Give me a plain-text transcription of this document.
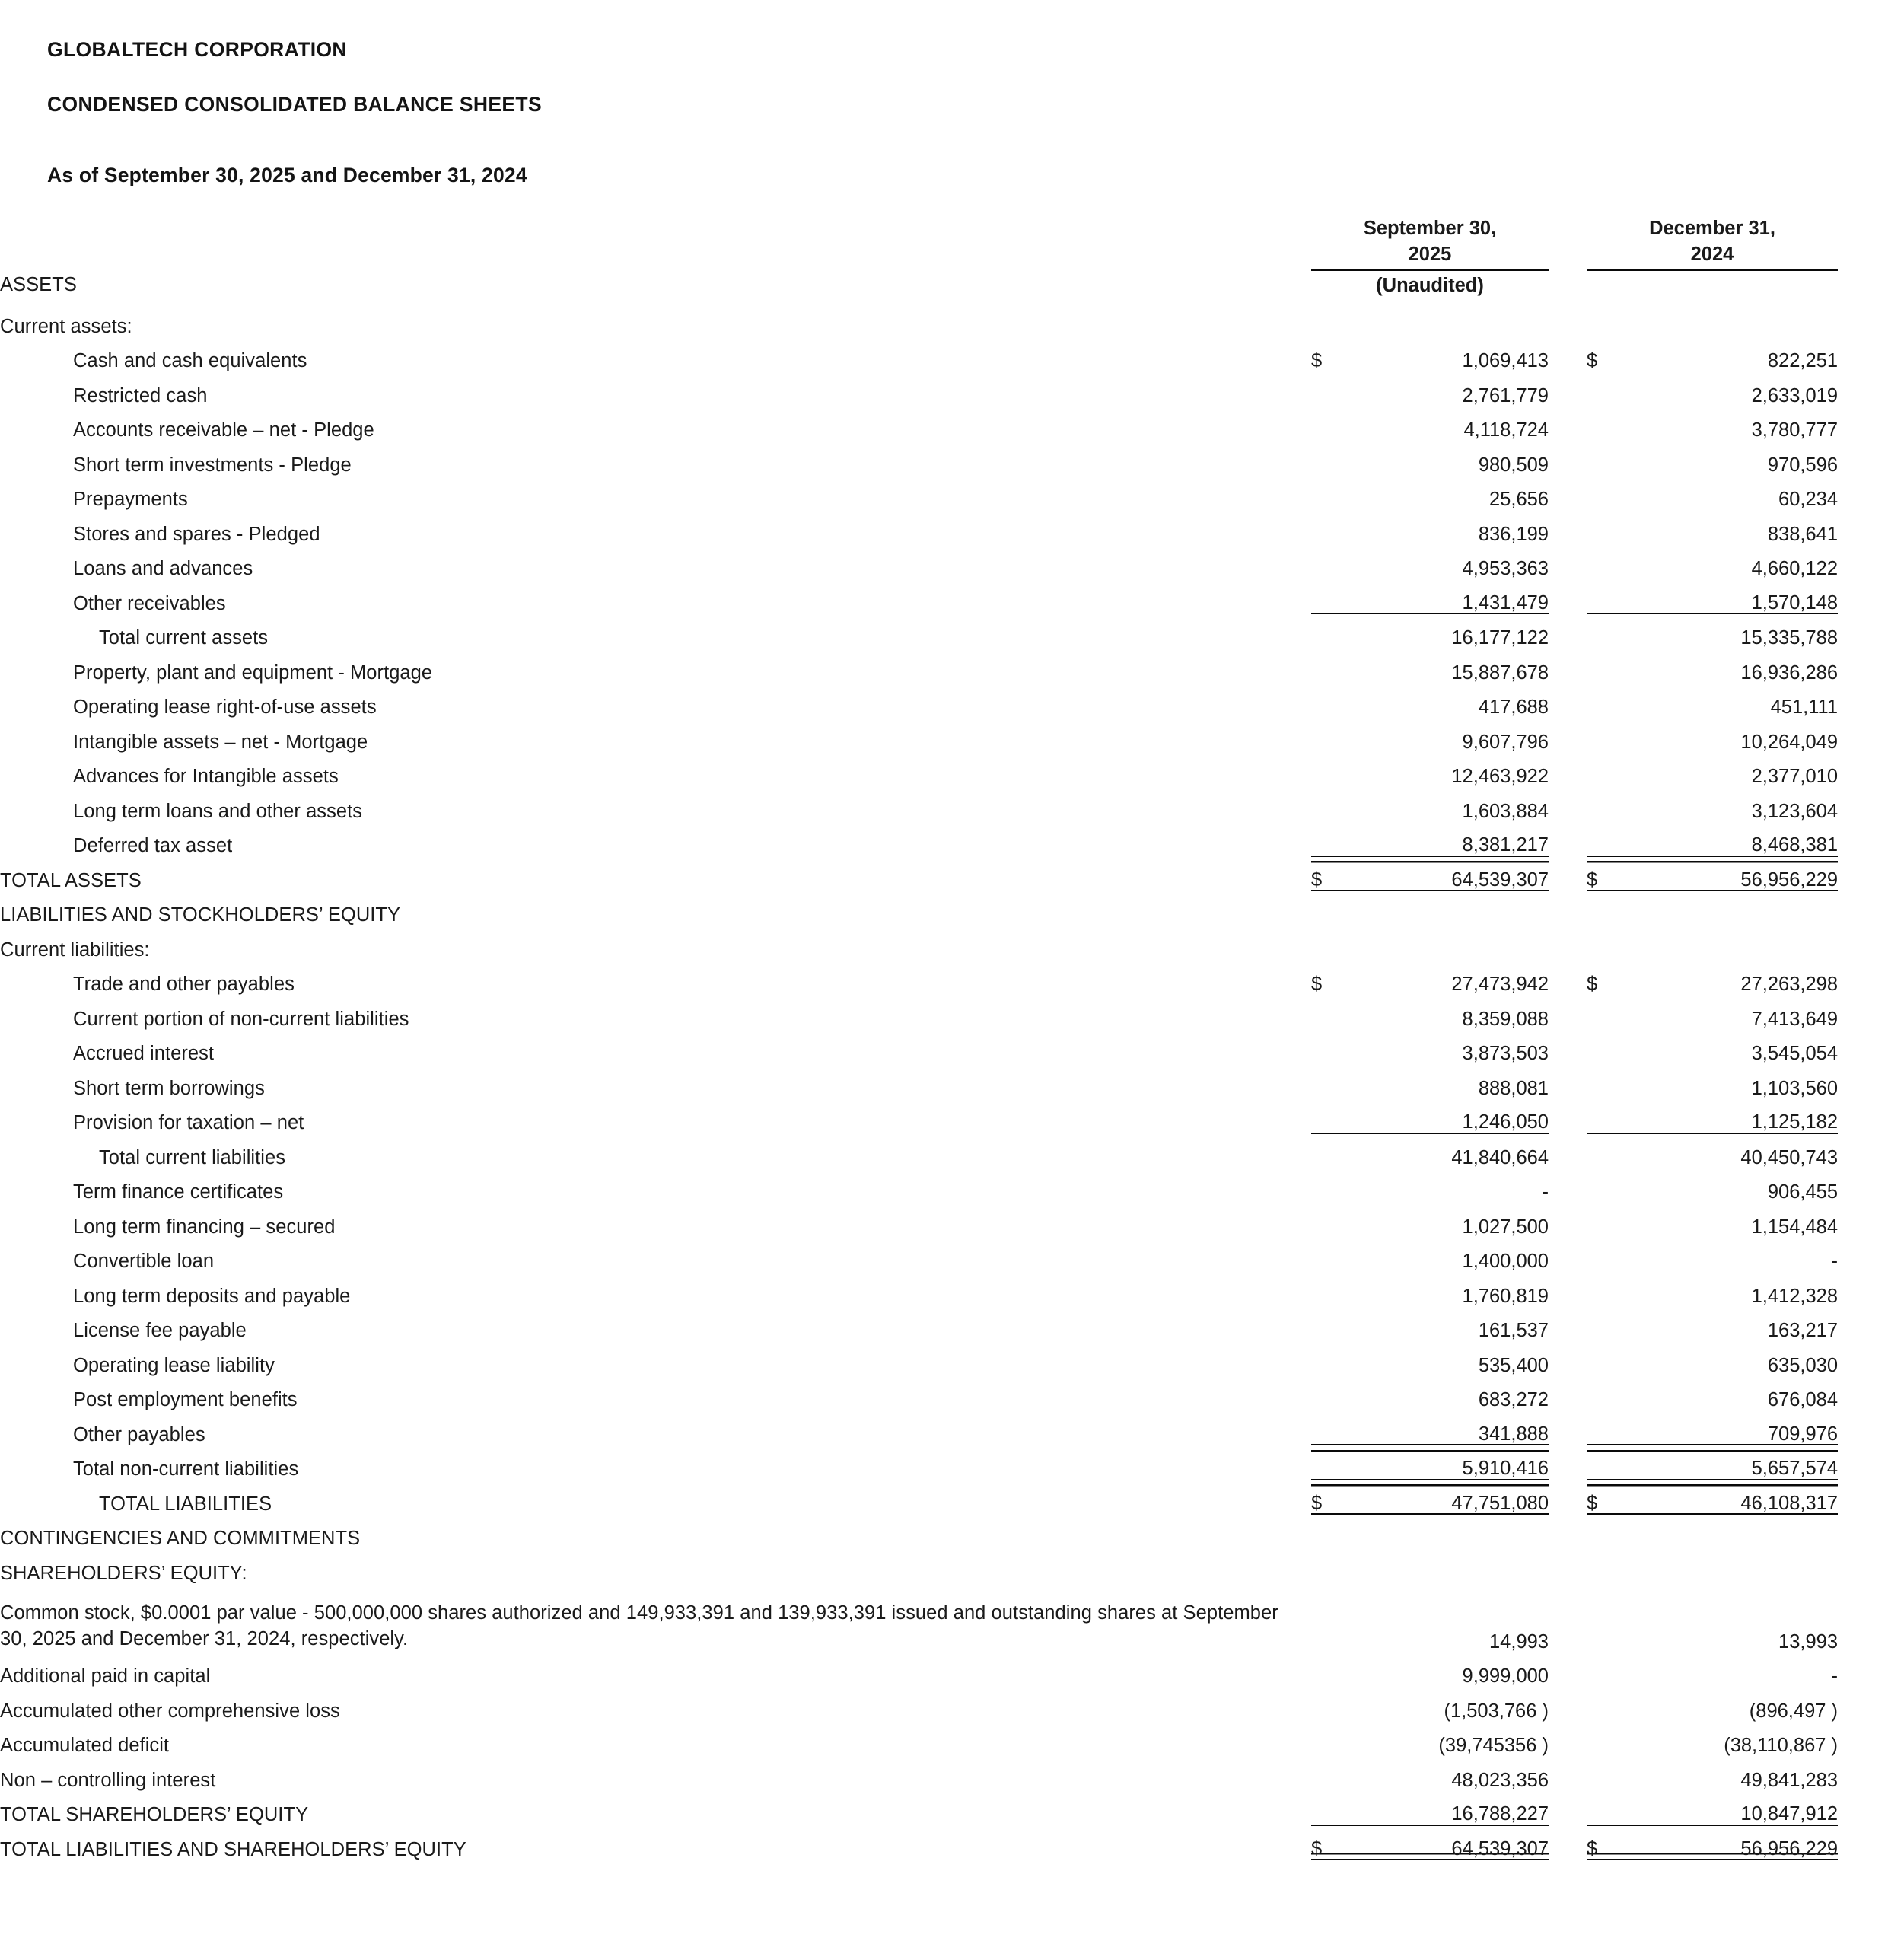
GLOBALTECH CORPORATION
CONDENSED CONSOLIDATED BALANCE SHEETS
As of September 30, 2025 and December 31, 2024

September 30,
2025

December 31,
2024

ASSETS	(Unaudited)					
Current assets:						
Cash and cash equivalents	$	1,069,413		$	822,251	
Restricted cash		2,761,779			2,633,019	
Accounts receivable – net - Pledge		4,118,724			3,780,777	
Short term investments - Pledge		980,509			970,596	
Prepayments		25,656			60,234	
Stores and spares - Pledged		836,199			838,641	
Loans and advances		4,953,363			4,660,122	
Other receivables		1,431,479			1,570,148	
Total current assets		16,177,122			15,335,788	
Property, plant and equipment - Mortgage		15,887,678			16,936,286	
Operating lease right-of-use assets		417,688			451,111	
Intangible assets – net - Mortgage		9,607,796			10,264,049	
Advances for Intangible assets		12,463,922			2,377,010	
Long term loans and other assets		1,603,884			3,123,604	
Deferred tax asset		8,381,217			8,468,381	
TOTAL ASSETS	$	64,539,307		$	56,956,229	
LIABILITIES AND STOCKHOLDERS’ EQUITY						
Current liabilities:						
Trade and other payables	$	27,473,942		$	27,263,298	
Current portion of non-current liabilities		8,359,088			7,413,649	
Accrued interest		3,873,503			3,545,054	
Short term borrowings		888,081			1,103,560	
Provision for taxation – net		1,246,050			1,125,182	
Total current liabilities		41,840,664			40,450,743	
Term finance certificates		-			906,455	
Long term financing – secured		1,027,500			1,154,484	
Convertible loan		1,400,000			-	
Long term deposits and payable		1,760,819			1,412,328	
License fee payable		161,537			163,217	
Operating lease liability		535,400			635,030	
Post employment benefits		683,272			676,084	
Other payables		341,888			709,976	
Total non-current liabilities		5,910,416			5,657,574	
TOTAL LIABILITIES	$	47,751,080		$	46,108,317	
CONTINGENCIES AND COMMITMENTS						
SHAREHOLDERS’ EQUITY:						
Common stock, $0.0001 par value - 500,000,000 shares authorized and 149,933,391 and 139,933,391 issued and outstanding shares at September 30, 2025 and December 31, 2024, respectively.		14,993			13,993	
Additional paid in capital		9,999,000			-	
Accumulated other comprehensive loss		(1,503,766 )			(896,497 )	
Accumulated deficit		(39,745356 )			(38,110,867 )	
Non – controlling interest		48,023,356			49,841,283	
TOTAL SHAREHOLDERS’ EQUITY		16,788,227			10,847,912	
TOTAL LIABILITIES AND SHAREHOLDERS’ EQUITY	$	64,539,307		$	56,956,229	
